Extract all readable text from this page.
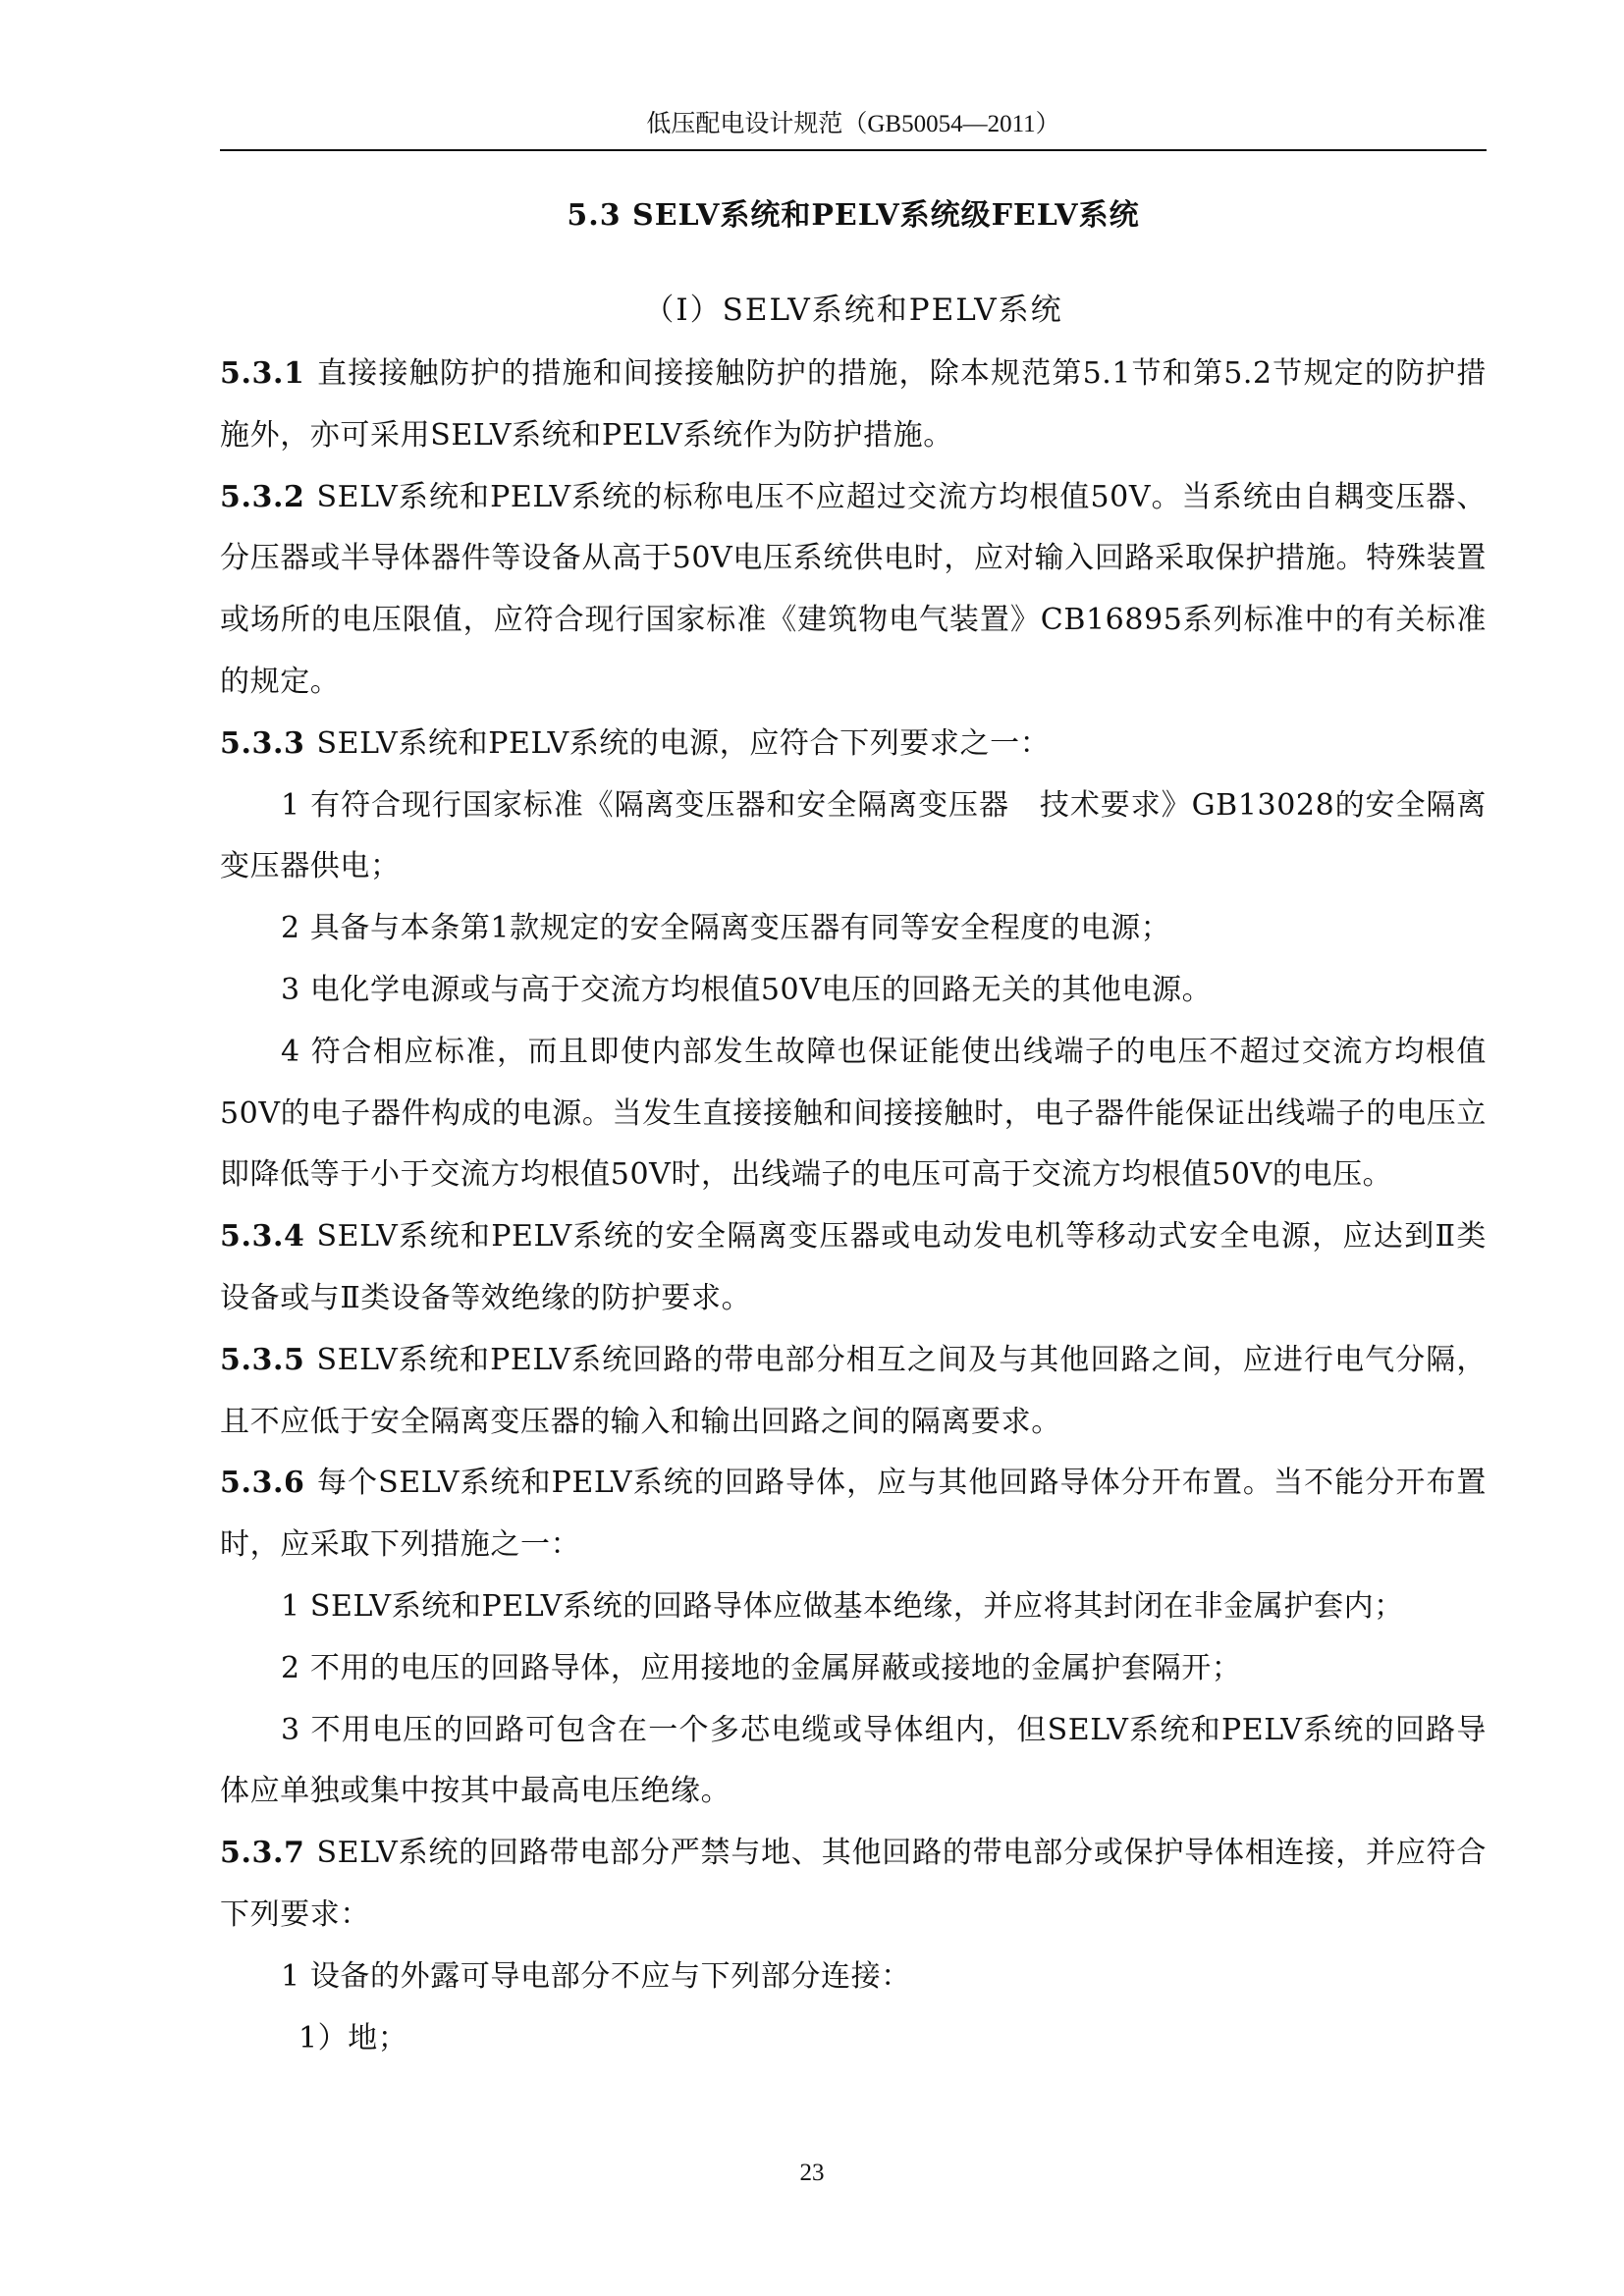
低压配电设计规范（GB50054—2011）
5.3 SELV系统和PELV系统级FELV系统
（Ⅰ）SELV系统和PELV系统

5.3.1 直接接触防护的措施和间接接触防护的措施，除本规范第5.1节和第5.2节规定的防护措施外，亦可采用SELV系统和PELV系统作为防护措施。

5.3.2 SELV系统和PELV系统的标称电压不应超过交流方均根值50V。当系统由自耦变压器、分压器或半导体器件等设备从高于50V电压系统供电时，应对输入回路采取保护措施。特殊装置或场所的电压限值，应符合现行国家标准《建筑物电气装置》CB16895系列标准中的有关标准的规定。

5.3.3 SELV系统和PELV系统的电源，应符合下列要求之一：

1 有符合现行国家标准《隔离变压器和安全隔离变压器　技术要求》GB13028的安全隔离变压器供电；

2 具备与本条第1款规定的安全隔离变压器有同等安全程度的电源；

3 电化学电源或与高于交流方均根值50V电压的回路无关的其他电源。

4 符合相应标准，而且即使内部发生故障也保证能使出线端子的电压不超过交流方均根值50V的电子器件构成的电源。当发生直接接触和间接接触时，电子器件能保证出线端子的电压立即降低等于小于交流方均根值50V时，出线端子的电压可高于交流方均根值50V的电压。

5.3.4 SELV系统和PELV系统的安全隔离变压器或电动发电机等移动式安全电源，应达到Ⅱ类设备或与Ⅱ类设备等效绝缘的防护要求。

5.3.5 SELV系统和PELV系统回路的带电部分相互之间及与其他回路之间，应进行电气分隔，且不应低于安全隔离变压器的输入和输出回路之间的隔离要求。

5.3.6 每个SELV系统和PELV系统的回路导体，应与其他回路导体分开布置。当不能分开布置时，应采取下列措施之一：

1 SELV系统和PELV系统的回路导体应做基本绝缘，并应将其封闭在非金属护套内；

2 不用的电压的回路导体，应用接地的金属屏蔽或接地的金属护套隔开；

3 不用电压的回路可包含在一个多芯电缆或导体组内，但SELV系统和PELV系统的回路导体应单独或集中按其中最高电压绝缘。

5.3.7 SELV系统的回路带电部分严禁与地、其他回路的带电部分或保护导体相连接，并应符合下列要求：

1 设备的外露可导电部分不应与下列部分连接：

1）地；

23
